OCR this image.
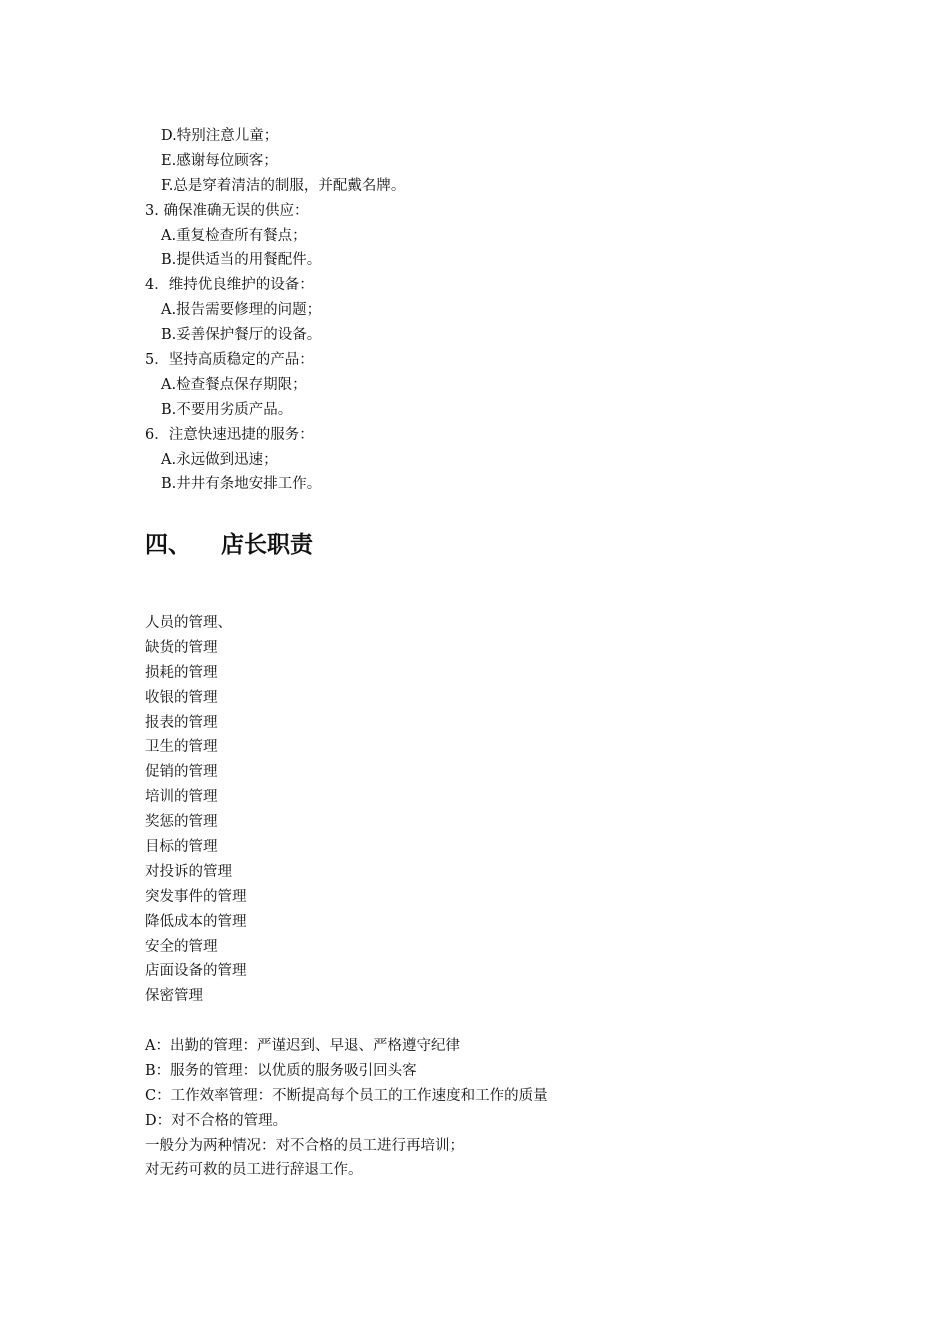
D.特别注意儿童；
E.感谢每位顾客；
F.总是穿着清洁的制服，并配戴名牌。
3. 确保准确无误的供应：
A.重复检查所有餐点；
B.提供适当的用餐配件。
4．维持优良维护的设备：
A.报告需要修理的问题；
B.妥善保护餐厅的设备。
5．坚持高质稳定的产品：
A.检查餐点保存期限；
B.不要用劣质产品。
6．注意快速迅捷的服务：
A.永远做到迅速；
B.井井有条地安排工作。
四、 店长职责
人员的管理、
缺货的管理
损耗的管理
收银的管理
报表的管理
卫生的管理
促销的管理
培训的管理
奖惩的管理
目标的管理
对投诉的管理
突发事件的管理
降低成本的管理
安全的管理
店面设备的管理
保密管理
A：出勤的管理：严谨迟到、早退、严格遵守纪律
B：服务的管理：以优质的服务吸引回头客
C：工作效率管理：不断提高每个员工的工作速度和工作的质量
D：对不合格的管理。
一般分为两种情况：对不合格的员工进行再培训；
对无药可救的员工进行辞退工作。
